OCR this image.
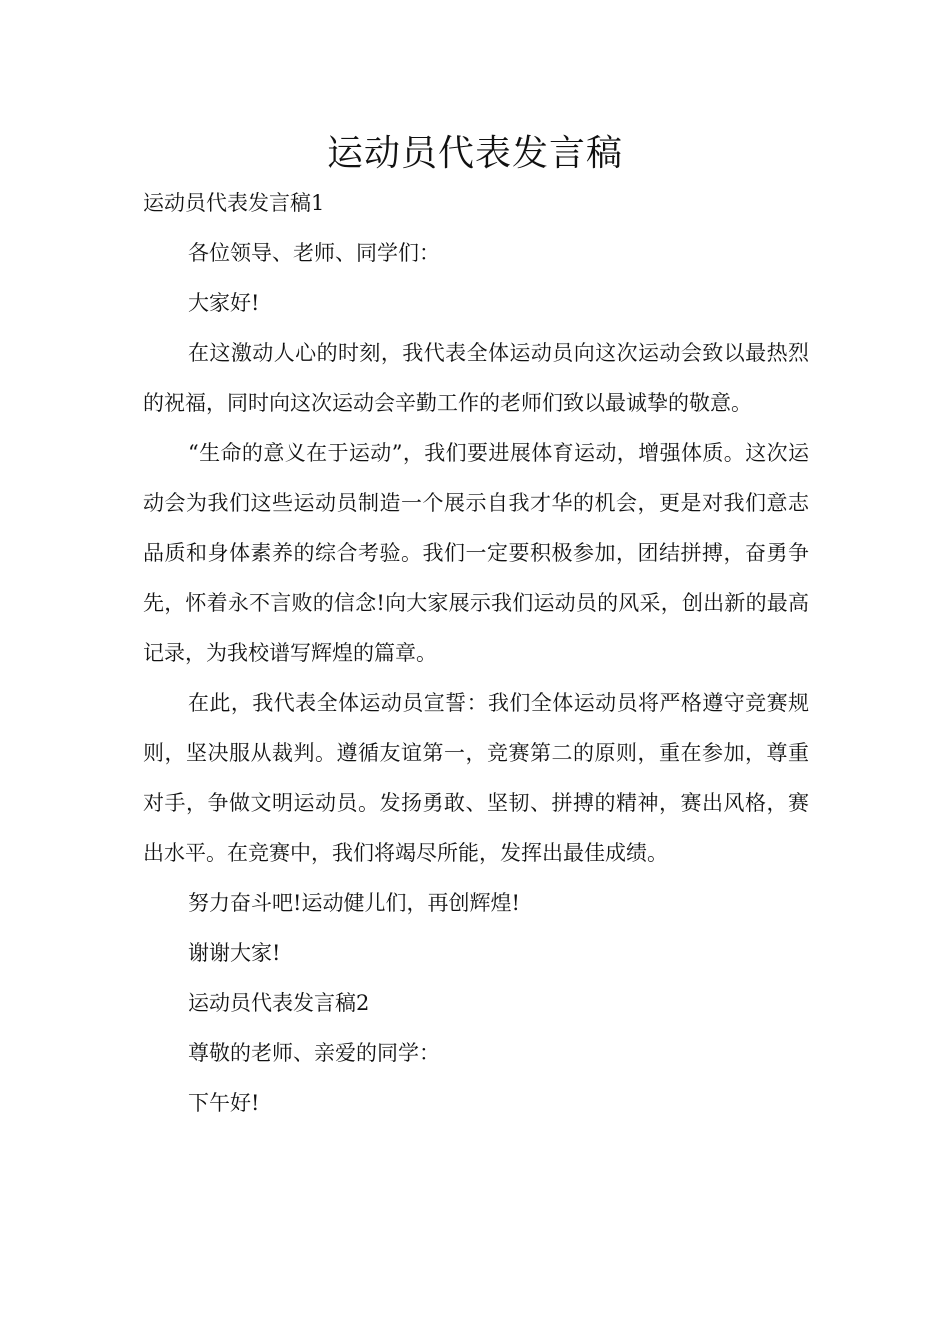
运动员代表发言稿

运动员代表发言稿1

各位领导、老师、同学们：

大家好!

在这激动人心的时刻，我代表全体运动员向这次运动会致以最热烈的祝福，同时向这次运动会辛勤工作的老师们致以最诚挚的敬意。

“生命的意义在于运动”，我们要进展体育运动，增强体质。这次运动会为我们这些运动员制造一个展示自我才华的机会，更是对我们意志品质和身体素养的综合考验。我们一定要积极参加，团结拼搏，奋勇争先，怀着永不言败的信念!向大家展示我们运动员的风采，创出新的最高记录，为我校谱写辉煌的篇章。

在此，我代表全体运动员宣誓：我们全体运动员将严格遵守竞赛规则，坚决服从裁判。遵循友谊第一，竞赛第二的原则，重在参加，尊重对手，争做文明运动员。发扬勇敢、坚韧、拼搏的精神，赛出风格，赛出水平。在竞赛中，我们将竭尽所能，发挥出最佳成绩。

努力奋斗吧!运动健儿们，再创辉煌!

谢谢大家!

运动员代表发言稿2

尊敬的老师、亲爱的同学：

下午好!
